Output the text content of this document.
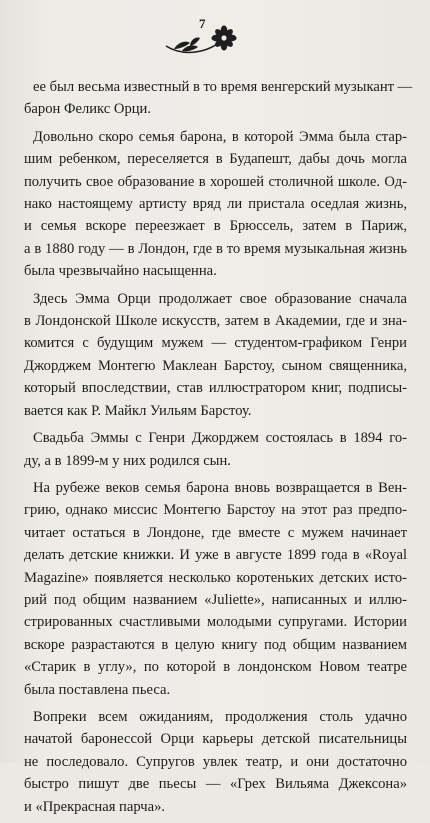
7
ее был весьма известный в то время венгерский музыкант —
барон Феликс Орци.
Довольно скоро семья барона, в которой Эмма была стар-
шим ребенком, переселяется в Будапешт, дабы дочь могла
получить свое образование в хорошей столичной школе. Од-
нако настоящему артисту вряд ли пристала оседлая жизнь,
и семья вскоре переезжает в Брюссель, затем в Париж,
а в 1880 году — в Лондон, где в то время музыкальная жизнь
была чрезвычайно насыщенна.
Здесь Эмма Орци продолжает свое образование сначала
в Лондонской Школе искусств, затем в Академии, где и зна-
комится с будущим мужем — студентом-графиком Генри
Джорджем Монтегю Маклеан Барстоу, сыном священника,
который впоследствии, став иллюстратором книг, подписы-
вается как Р. Майкл Уильям Барстоу.
Свадьба Эммы с Генри Джорджем состоялась в 1894 го-
ду, а в 1899-м у них родился сын.
На рубеже веков семья барона вновь возвращается в Вен-
грию, однако миссис Монтегю Барстоу на этот раз предпо-
читает остаться в Лондоне, где вместе с мужем начинает
делать детские книжки. И уже в августе 1899 года в «Royal
Magazine» появляется несколько коротеньких детских исто-
рий под общим названием «Juliette», написанных и иллю-
стрированных счастливыми молодыми супругами. Истории
вскоре разрастаются в целую книгу под общим названием
«Старик в углу», по которой в лондонском Новом театре
была поставлена пьеса.
Вопреки всем ожиданиям, продолжения столь удачно
начатой баронессой Орци карьеры детской писательницы
не последовало. Супругов увлек театр, и они достаточно
быстро пишут две пьесы — «Грех Вильяма Джексона»
и «Прекрасная парча».
